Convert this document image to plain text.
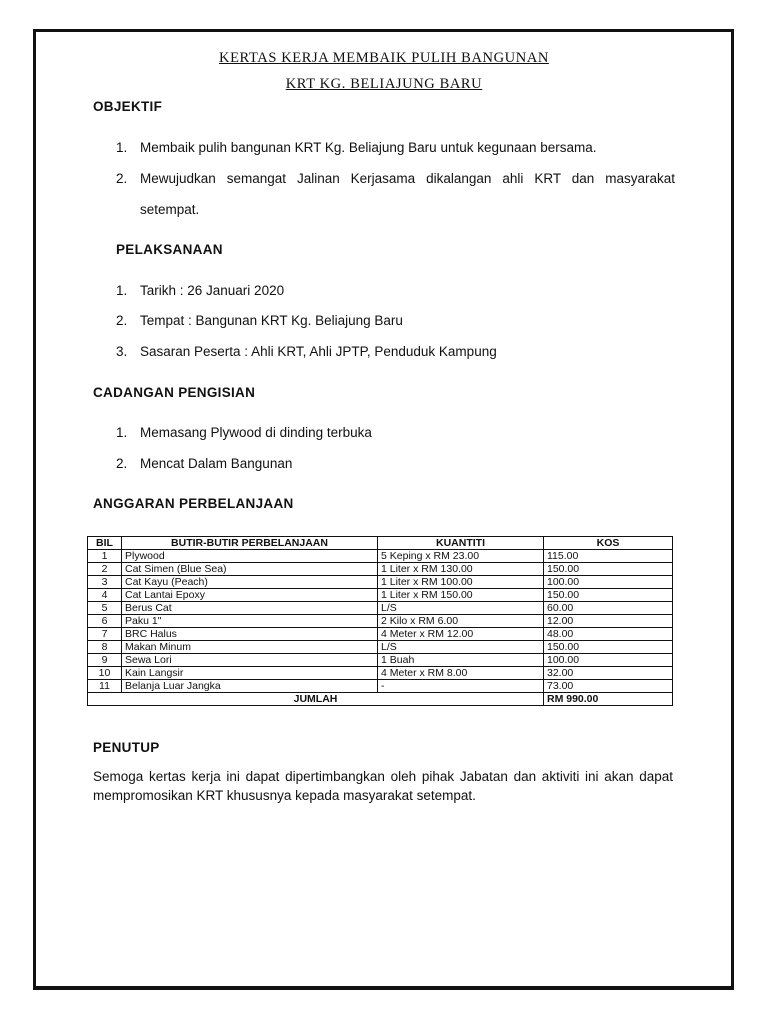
KERTAS KERJA MEMBAIK PULIH BANGUNAN
KRT KG. BELIAJUNG BARU
OBJEKTIF
1. Membaik pulih bangunan KRT Kg. Beliajung Baru untuk kegunaan bersama.
2. Mewujudkan semangat Jalinan Kerjasama dikalangan ahli KRT dan masyarakat setempat.
PELAKSANAAN
1. Tarikh : 26 Januari 2020
2. Tempat : Bangunan KRT Kg. Beliajung Baru
3. Sasaran Peserta : Ahli KRT, Ahli JPTP, Penduduk Kampung
CADANGAN PENGISIAN
1. Memasang Plywood di dinding terbuka
2. Mencat Dalam Bangunan
ANGGARAN PERBELANJAAN
BIL	BUTIR-BUTIR PERBELANJAAN	KUANTITI	KOS
1	Plywood	5 Keping x RM 23.00	115.00
2	Cat Simen (Blue Sea)	1 Liter x RM 130.00	150.00
3	Cat Kayu (Peach)	1 Liter x RM 100.00	100.00
4	Cat Lantai Epoxy	1 Liter x RM 150.00	150.00
5	Berus Cat	L/S	60.00
6	Paku 1"	2 Kilo x RM 6.00	12.00
7	BRC Halus	4 Meter x RM 12.00	48.00
8	Makan Minum	L/S	150.00
9	Sewa Lori	1 Buah	100.00
10	Kain Langsir	4 Meter x RM 8.00	32.00
11	Belanja Luar Jangka	-	73.00
JUMLAH			RM 990.00
PENUTUP
Semoga kertas kerja ini dapat dipertimbangkan oleh pihak Jabatan dan aktiviti ini akan dapat mempromosikan KRT khususnya kepada masyarakat setempat.
